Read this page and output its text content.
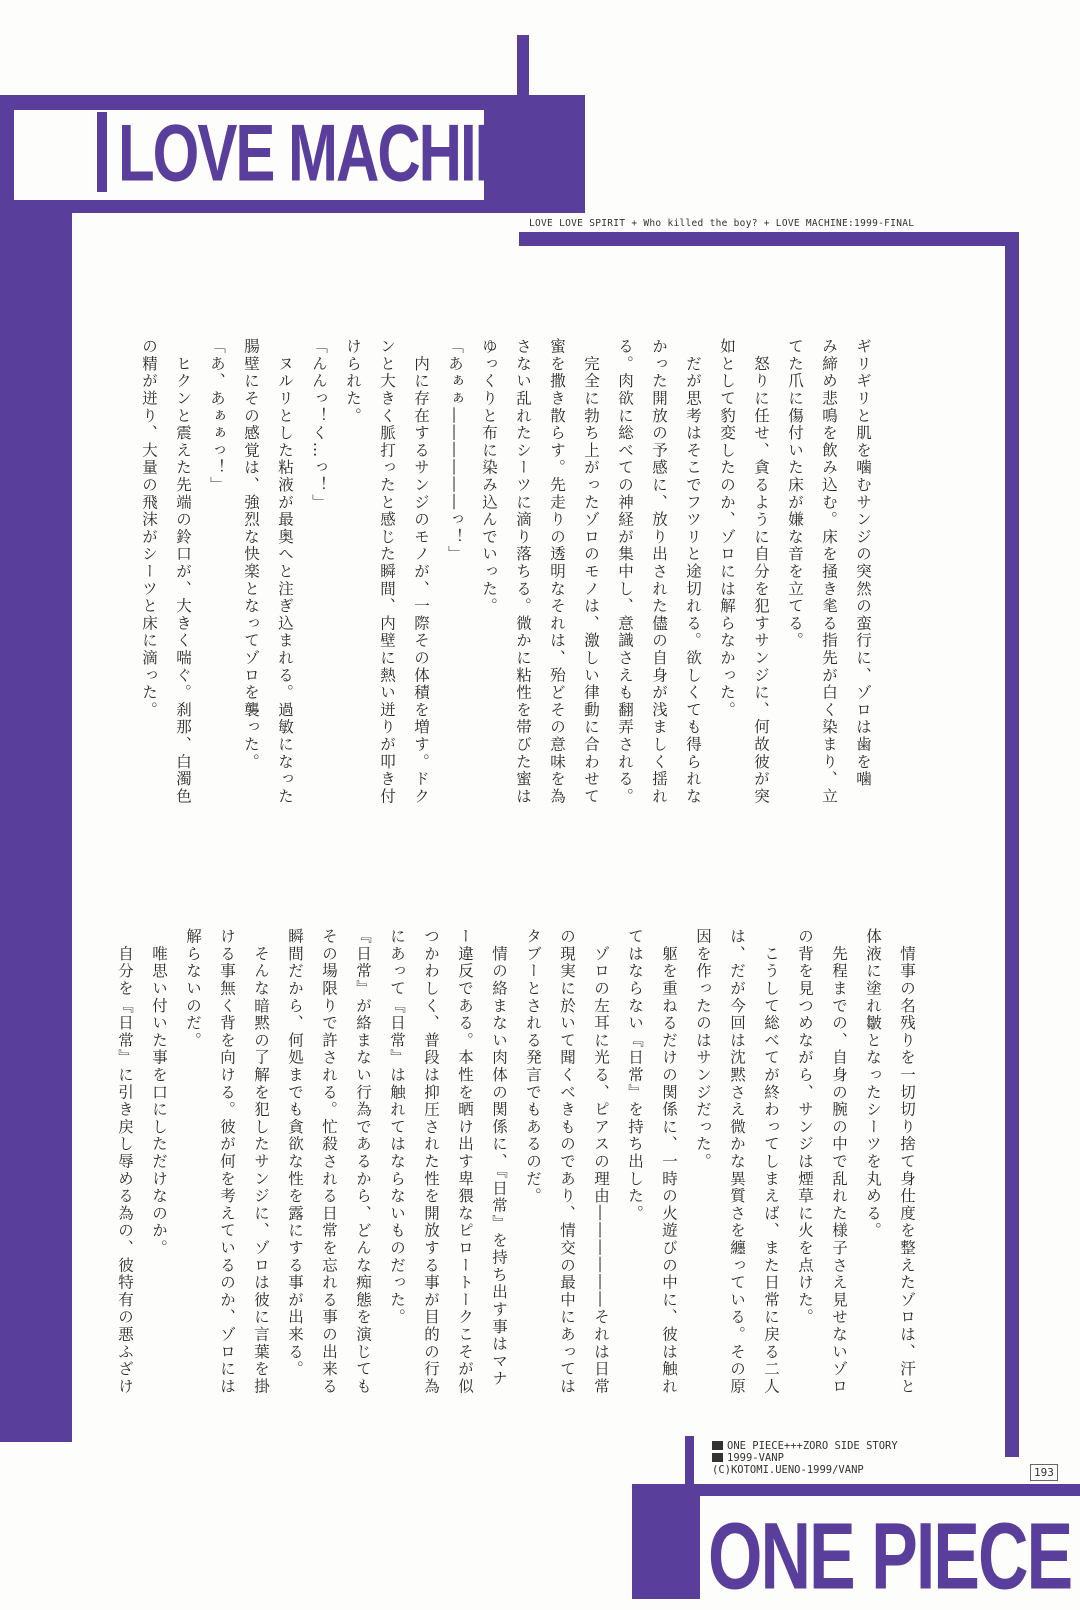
LOVE MACHINE
LOVE LOVE SPIRIT + Who killed the boy? + LOVE MACHINE:1999-FINAL

ギリギリと肌を噛むサンジの突然の蛮行に、ゾロは歯を噛
み締め悲鳴を飲み込む。床を掻き毟る指先が白く染まり、立
てた爪に傷付いた床が嫌な音を立てる。
　怒りに任せ、貪るように自分を犯すサンジに、何故彼が突
如として豹変したのか、ゾロには解らなかった。
　だが思考はそこでフツリと途切れる。欲しくても得られな
かった開放の予感に、放り出された儘の自身が浅ましく揺れ
る。肉欲に総べての神経が集中し、意識さえも翻弄される。
　完全に勃ち上がったゾロのモノは、激しい律動に合わせて
蜜を撒き散らす。先走りの透明なそれは、殆どその意味を為
さない乱れたシーツに滴り落ちる。微かに粘性を帯びた蜜は
ゆっくりと布に染み込んでいった。
「あぁぁ――――――っ！」
　内に存在するサンジのモノが、一際その体積を増す。ドク
ンと大きく脈打ったと感じた瞬間、内壁に熱い迸りが叩き付
けられた。
「んんっ！く…っ！」
　ヌルリとした粘液が最奥へと注ぎ込まれる。過敏になった
腸壁にその感覚は、強烈な快楽となってゾロを襲った。
「あ、あぁぁっ！」
　ヒクンと震えた先端の鈴口が、大きく喘ぐ。刹那、白濁色
の精が迸り、大量の飛沫がシーツと床に滴った。

　情事の名残りを一切切り捨て身仕度を整えたゾロは、汗と
体液に塗れ皺となったシーツを丸める。
　先程までの、自身の腕の中で乱れた様子さえ見せないゾロ
の背を見つめながら、サンジは煙草に火を点けた。
　こうして総べてが終わってしまえば、また日常に戻る二人
は、だが今回は沈黙さえ微かな異質さを纏っている。その原
因を作ったのはサンジだった。
　躯を重ねるだけの関係に、一時の火遊びの中に、彼は触れ
てはならない『日常』を持ち出した。
　ゾロの左耳に光る、ピアスの理由――――――それは日常
の現実に於いて聞くべきものであり、情交の最中にあっては
タブーとされる発言でもあるのだ。
　情の絡まない肉体の関係に、『日常』を持ち出す事はマナ
ー違反である。本性を晒け出す卑猥なピロートークこそが似
つかわしく、普段は抑圧された性を開放する事が目的の行為
にあって『日常』は触れてはならないものだった。
『日常』が絡まない行為であるから、どんな痴態を演じても
その場限りで許される。忙殺される日常を忘れる事の出来る
瞬間だから、何処までも貪欲な性を露にする事が出来る。
　そんな暗黙の了解を犯したサンジに、ゾロは彼に言葉を掛
ける事無く背を向ける。彼が何を考えているのか、ゾロには
解らないのだ。
　唯思い付いた事を口にしただけなのか。
　自分を『日常』に引き戻し辱める為の、彼特有の悪ふざけ

ONE PIECE+++ZORO SIDE STORY
1999-VANP
(C)KOTOMI.UENO-1999/VANP	193
ONE PIECE
